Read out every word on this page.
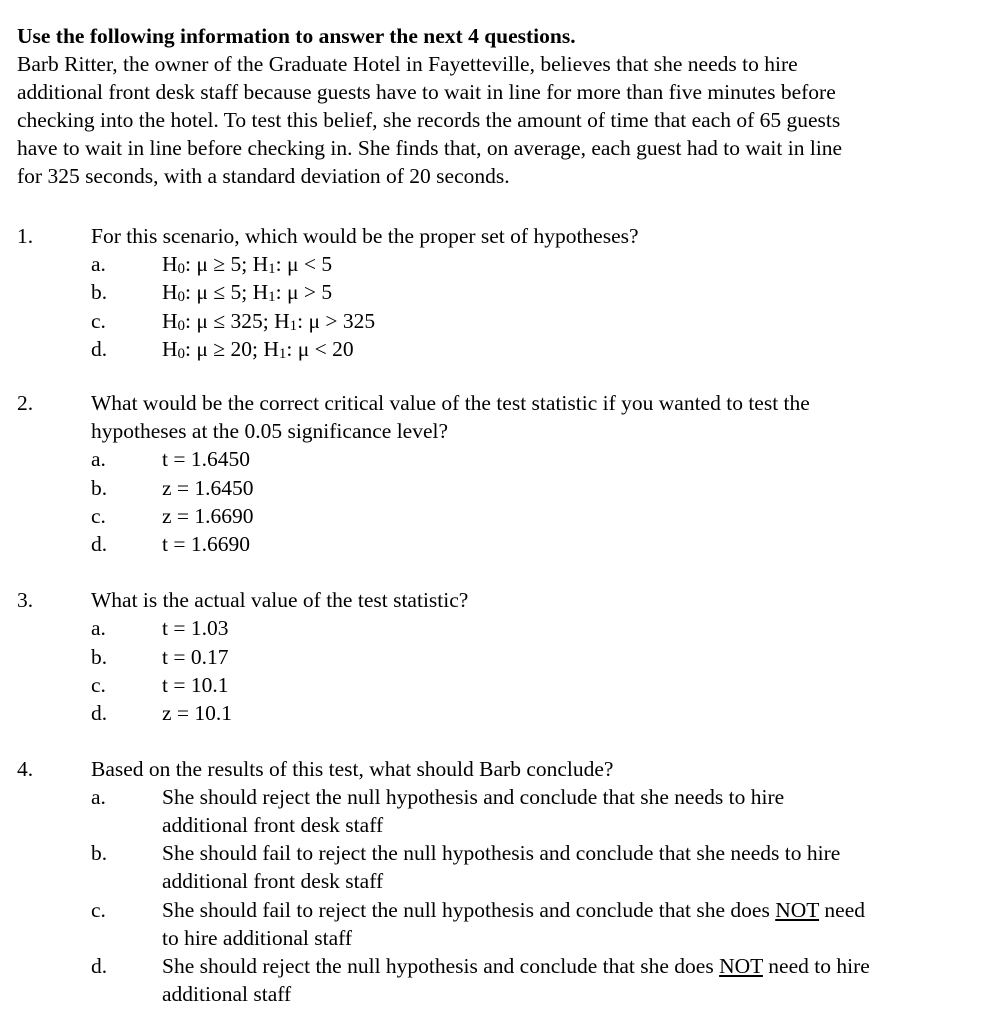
Use the following information to answer the next 4 questions.

Barb Ritter, the owner of the Graduate Hotel in Fayetteville, believes that she needs to hire

additional front desk staff because guests have to wait in line for more than five minutes before

checking into the hotel. To test this belief, she records the amount of time that each of 65 guests

have to wait in line before checking in. She finds that, on average, each guest had to wait in line

for 325 seconds, with a standard deviation of 20 seconds.

1.	For this scenario, which would be the proper set of hypotheses?

a.	$H_0$: μ ≥ 5; $H_1$: μ < 5
b.	$H_0$: μ ≤ 5; $H_1$: μ > 5
c.	$H_0$: μ ≤ 325; $H_1$: μ > 325
d.	$H_0$: μ ≥ 20; $H_1$: μ < 20
2.	What would be the correct critical value of the test statistic if you wanted to test the

hypotheses at the 0.05 significance level?

a.	t = 1.6450
b.	z = 1.6450
c.	z = 1.6690
d.	t = 1.6690
3.	What is the actual value of the test statistic?

a.	t = 1.03
b.	t = 0.17
c.	t = 10.1
d.	z = 10.1
4.	Based on the results of this test, what should Barb conclude?

a.	She should reject the null hypothesis and conclude that she needs to hire

additional front desk staff

b.	She should fail to reject the null hypothesis and conclude that she needs to hire

additional front desk staff

c.	She should fail to reject the null hypothesis and conclude that she does NOT need

to hire additional staff

d.	She should reject the null hypothesis and conclude that she does NOT need to hire

additional staff
